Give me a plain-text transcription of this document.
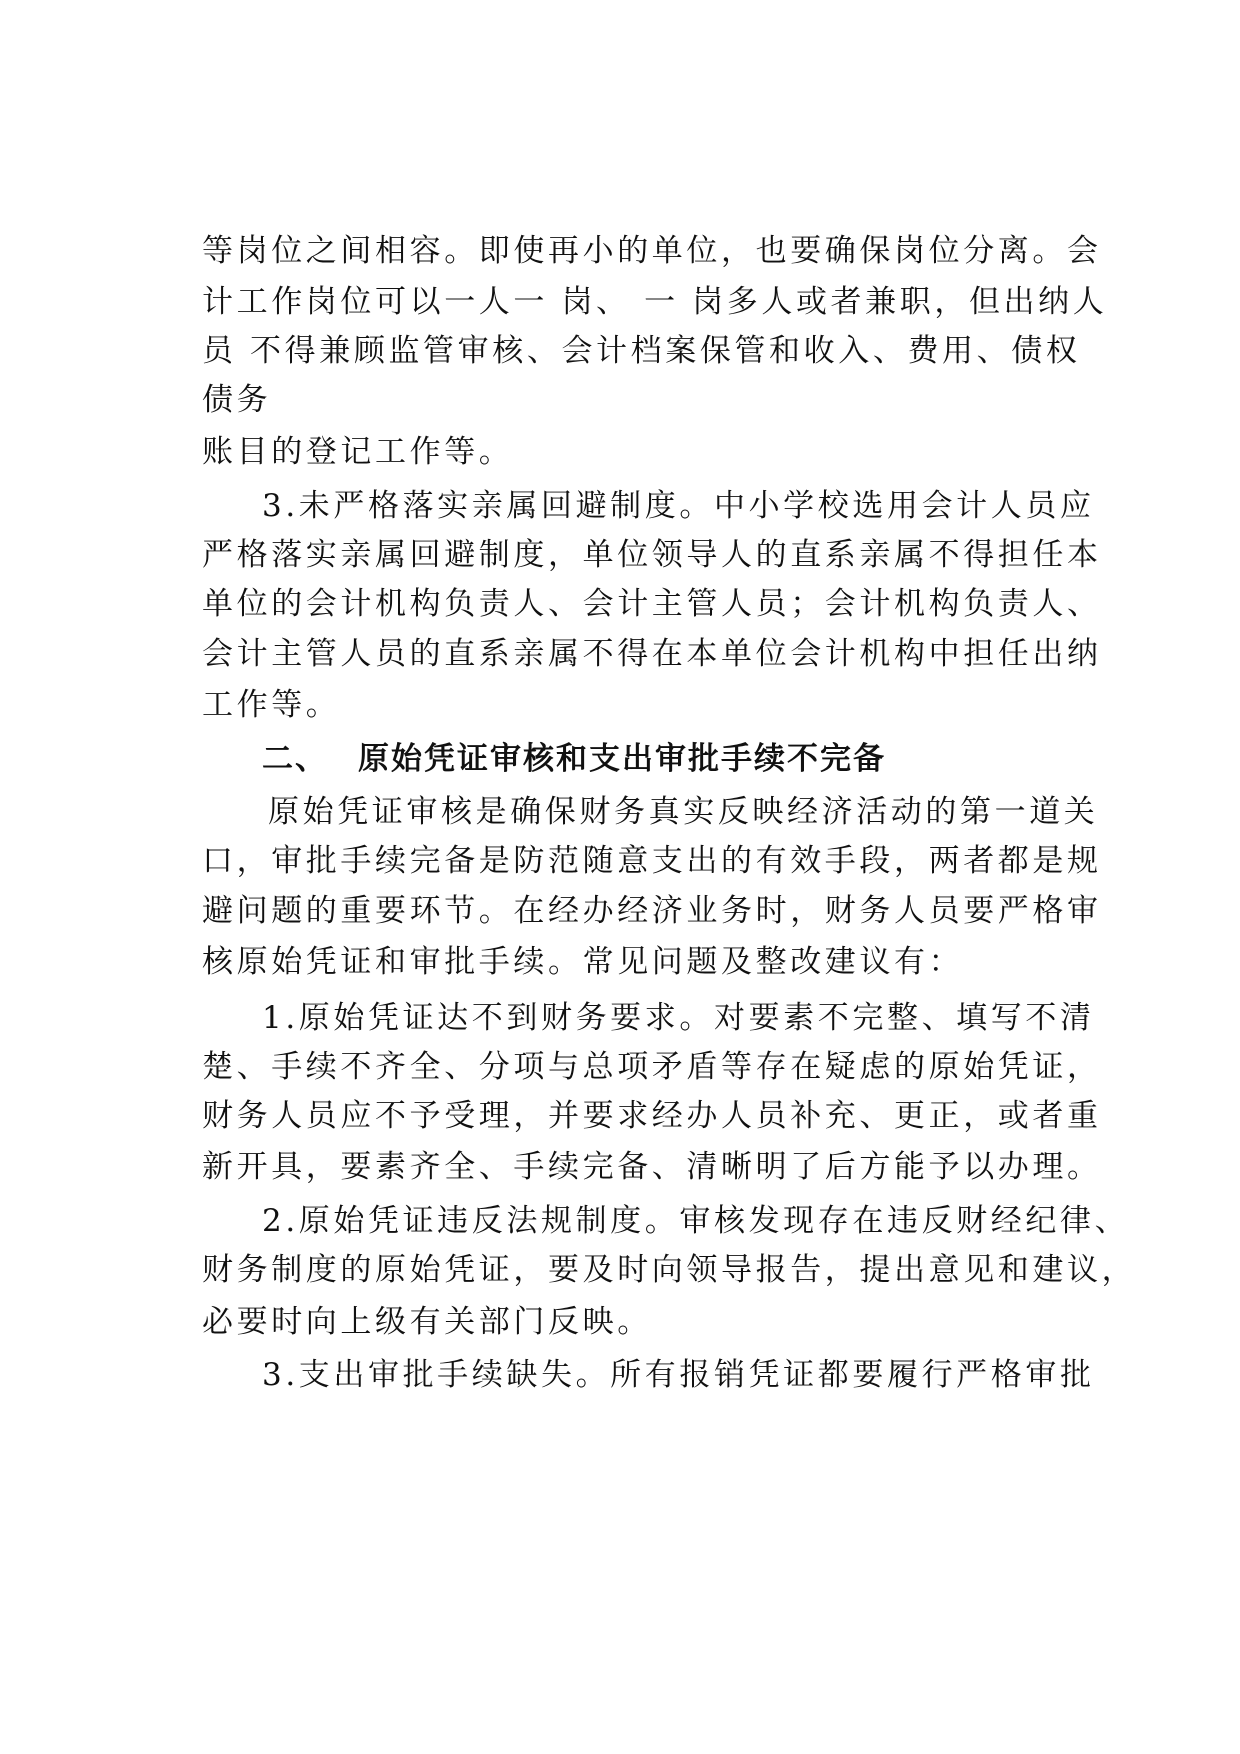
等岗位之间相容。即使再小的单位，也要确保岗位分离。会
计工作岗位可以一人一 岗、 一 岗多人或者兼职，但出纳人
员 不得兼顾监管审核、会计档案保管和收入、费用、债权
债务
账目的登记工作等。
3.未严格落实亲属回避制度。中小学校选用会计人员应
严格落实亲属回避制度，单位领导人的直系亲属不得担任本
单位的会计机构负责人、会计主管人员；会计机构负责人、
会计主管人员的直系亲属不得在本单位会计机构中担任出纳
工作等。
二、 原始凭证审核和支出审批手续不完备
原始凭证审核是确保财务真实反映经济活动的第一道关
口，审批手续完备是防范随意支出的有效手段，两者都是规
避问题的重要环节。在经办经济业务时，财务人员要严格审
核原始凭证和审批手续。常见问题及整改建议有：
1.原始凭证达不到财务要求。对要素不完整、填写不清
楚、手续不齐全、分项与总项矛盾等存在疑虑的原始凭证，
财务人员应不予受理，并要求经办人员补充、更正，或者重
新开具，要素齐全、手续完备、清晰明了后方能予以办理。
2.原始凭证违反法规制度。审核发现存在违反财经纪律、
财务制度的原始凭证，要及时向领导报告，提出意见和建议，
必要时向上级有关部门反映。
3.支出审批手续缺失。所有报销凭证都要履行严格审批
